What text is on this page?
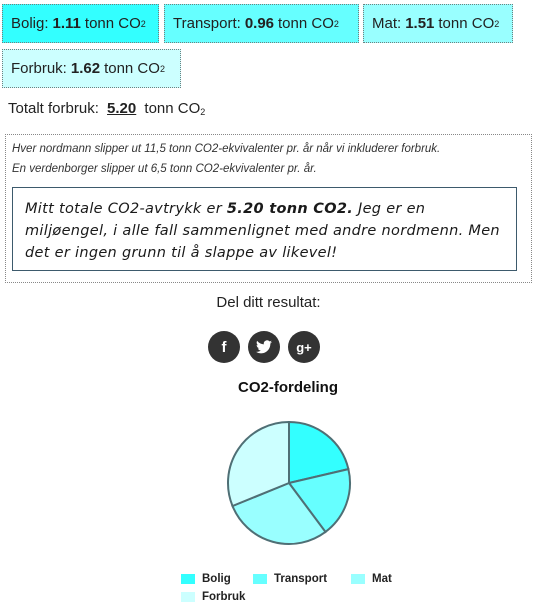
Bolig: 1.11 tonn CO 2 Transport: 0.96 tonn CO 2 Mat: 1.51 tonn CO 2
Forbruk: 1.62 tonn CO 2
Totalt forbruk: 5.20 tonn $CO_2$

Hver nordmann slipper ut 11,5 tonn CO2-ekvivalenter pr. år når vi inkluderer forbruk.

En verdenborger slipper ut 6,5 tonn CO2-ekvivalenter pr. år.

Mitt totale CO2-avtrykk er 5.20 tonn CO2. Jeg er en miljøengel, i alle fall sammenlignet med andre nordmenn. Men det er ingen grunn til å slappe av likevel!
Del ditt resultat:
f	g+
CO2-fordeling
Bolig	Transport	Mat
Forbruk
